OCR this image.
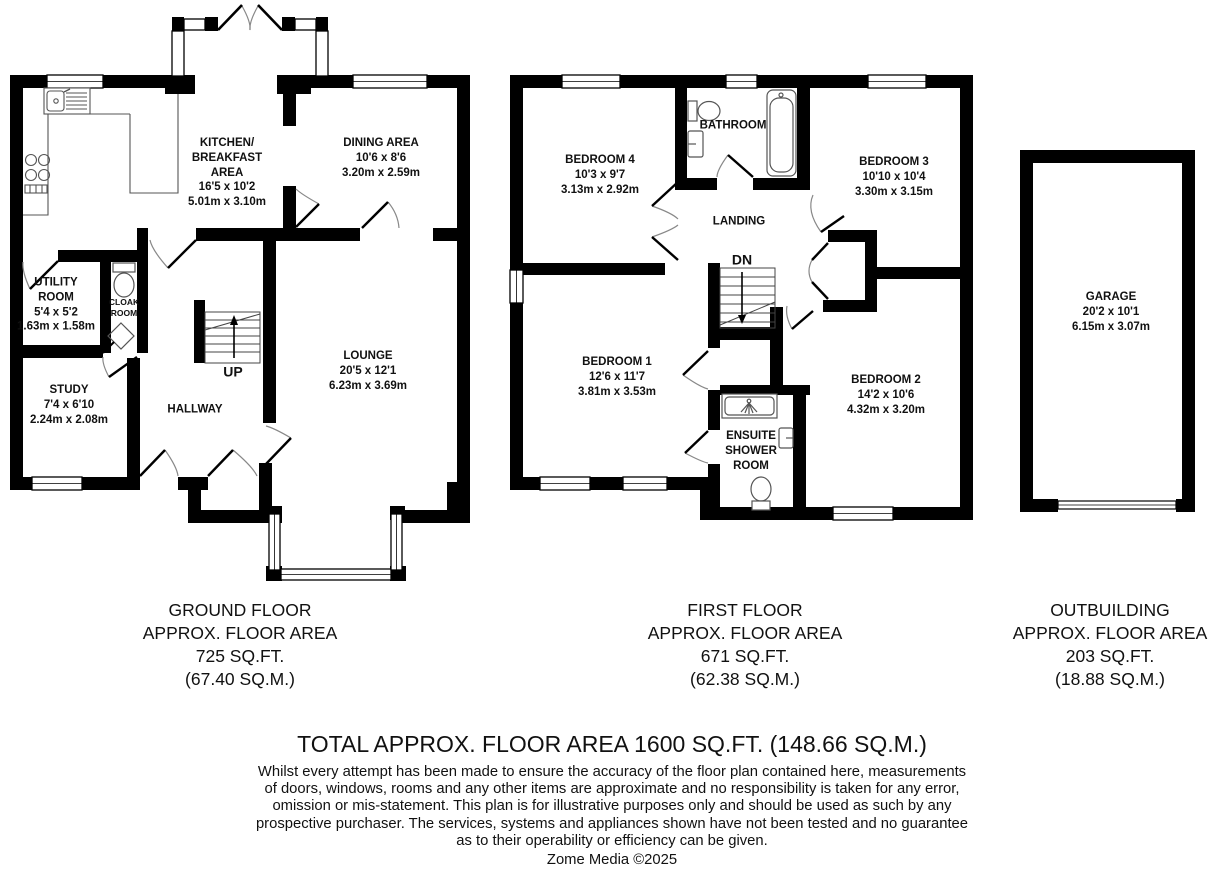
KITCHEN/
BREAKFAST
AREA
16'5 x 10'2
5.01m x 3.10m
DINING AREA
10'6 x 8'6
3.20m x 2.59m
UTILITY
ROOM
5'4 x 5'2
1.63m x 1.58m
CLOAK
ROOM
STUDY
7'4 x 6'10
2.24m x 2.08m
HALLWAY
UP
LOUNGE
20'5 x 12'1
6.23m x 3.69m
BEDROOM 4
10'3 x 9'7
3.13m x 2.92m
BATHROOM
BEDROOM 3
10'10 x 10'4
3.30m x 3.15m
LANDING
DN
BEDROOM 1
12'6 x 11'7
3.81m x 3.53m
BEDROOM 2
14'2 x 10'6
4.32m x 3.20m
ENSUITE
SHOWER
ROOM
GARAGE
20'2 x 10'1
6.15m x 3.07m
GROUND FLOOR
APPROX. FLOOR AREA
725 SQ.FT.
(67.40 SQ.M.)
FIRST FLOOR
APPROX. FLOOR AREA
671 SQ.FT.
(62.38 SQ.M.)
OUTBUILDING
APPROX. FLOOR AREA
203 SQ.FT.
(18.88 SQ.M.)
TOTAL APPROX. FLOOR AREA 1600 SQ.FT. (148.66 SQ.M.)
Whilst every attempt has been made to ensure the accuracy of the floor plan contained here, measurements
of doors, windows, rooms and any other items are approximate and no responsibility is taken for any error,
omission or mis-statement. This plan is for illustrative purposes only and should be used as such by any
prospective purchaser. The services, systems and appliances shown have not been tested and no guarantee
as to their operability or efficiency can be given.
Zome Media ©2025
